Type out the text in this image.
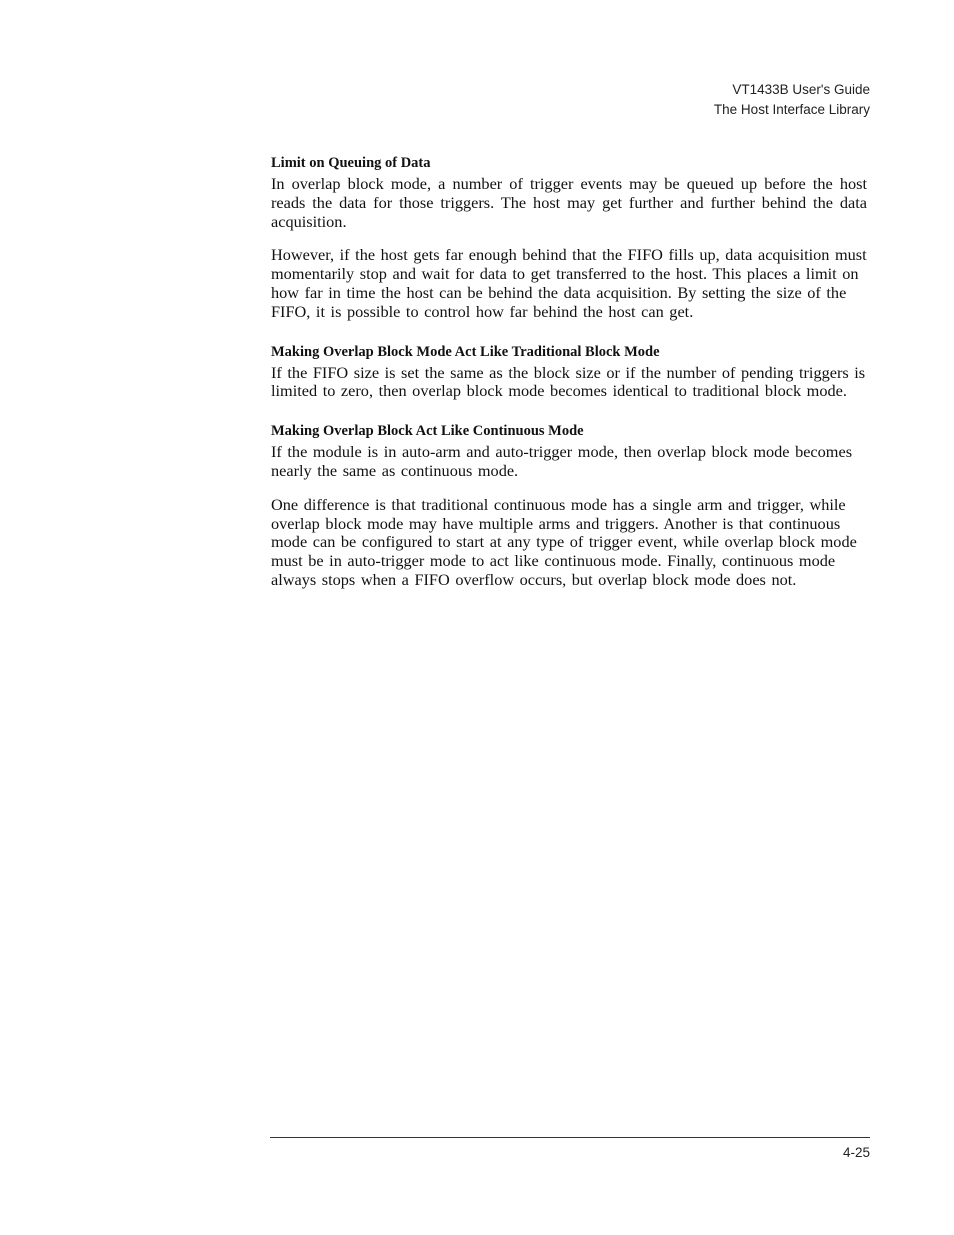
VT1433B User's Guide
The Host Interface Library
Limit on Queuing of Data

In overlap block mode, a number of trigger events may be queued up before the host reads the data for those triggers. The host may get further and further behind the data acquisition.

However, if the host gets far enough behind that the FIFO fills up, data acquisition must momentarily stop and wait for data to get transferred to the host. This places a limit on how far in time the host can be behind the data acquisition. By setting the size of the FIFO, it is possible to control how far behind the host can get.

Making Overlap Block Mode Act Like Traditional Block Mode

If the FIFO size is set the same as the block size or if the number of pending triggers is limited to zero, then overlap block mode becomes identical to traditional block mode.

Making Overlap Block Act Like Continuous Mode

If the module is in auto-arm and auto-trigger mode, then overlap block mode becomes nearly the same as continuous mode.

One difference is that traditional continuous mode has a single arm and trigger, while overlap block mode may have multiple arms and triggers. Another is that continuous mode can be configured to start at any type of trigger event, while overlap block mode must be in auto-trigger mode to act like continuous mode. Finally, continuous mode always stops when a FIFO overflow occurs, but overlap block mode does not.

4-25
